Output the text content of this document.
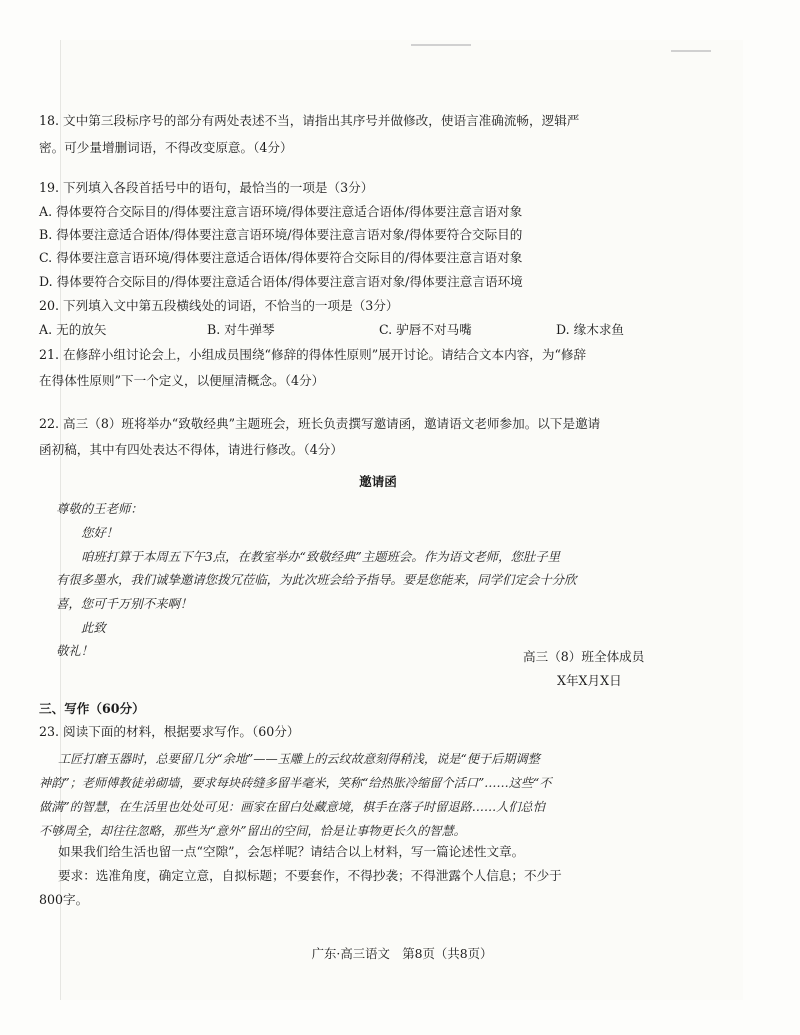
⠀
18. 文中第三段标序号的部分有两处表述不当，请指出其序号并做修改，使语言准确流畅，逻辑严
密。可少量增删词语，不得改变原意。（4分）
19. 下列填入各段首括号中的语句，最恰当的一项是（3分）
A. 得体要符合交际目的/得体要注意言语环境/得体要注意适合语体/得体要注意言语对象
B. 得体要注意适合语体/得体要注意言语环境/得体要注意言语对象/得体要符合交际目的
C. 得体要注意言语环境/得体要注意适合语体/得体要符合交际目的/得体要注意言语对象
D. 得体要符合交际目的/得体要注意适合语体/得体要注意言语对象/得体要注意言语环境
20. 下列填入文中第五段横线处的词语，不恰当的一项是（3分）
A. 无的放矢	B. 对牛弹琴	C. 驴唇不对马嘴	D. 缘木求鱼
21. 在修辞小组讨论会上，小组成员围绕“修辞的得体性原则”展开讨论。请结合文本内容，为“修辞
在得体性原则”下一个定义，以便厘清概念。（4分）
22. 高三（8）班将举办“致敬经典”主题班会，班长负责撰写邀请函，邀请语文老师参加。以下是邀请
函初稿，其中有四处表达不得体，请进行修改。（4分）
邀请函
尊敬的王老师：
您好！
咱班打算于本周五下午3点，在教室举办“致敬经典”主题班会。作为语文老师，您肚子里
有很多墨水，我们诚挚邀请您拨冗莅临，为此次班会给予指导。要是您能来，同学们定会十分欣
喜，您可千万别不来啊！
此致
敬礼！	高三（8）班全体成员
X年X月X日
三、写作（60分）
23. 阅读下面的材料，根据要求写作。（60分）
工匠打磨玉器时，总要留几分“余地”——玉雕上的云纹故意刻得稍浅，说是“便于后期调整
神韵”；老师傅教徒弟砌墙，要求每块砖缝多留半毫米，笑称“给热胀冷缩留个活口”……这些“不
做满”的智慧，在生活里也处处可见：画家在留白处藏意境，棋手在落子时留退路……人们总怕
不够周全，却往往忽略，那些为“意外”留出的空间，恰是让事物更长久的智慧。
如果我们给生活也留一点“空隙”，会怎样呢？请结合以上材料，写一篇论述性文章。
要求：选准角度，确定立意，自拟标题；不要套作，不得抄袭；不得泄露个人信息；不少于
800字。
广东·高三语文　第8页（共8页）
